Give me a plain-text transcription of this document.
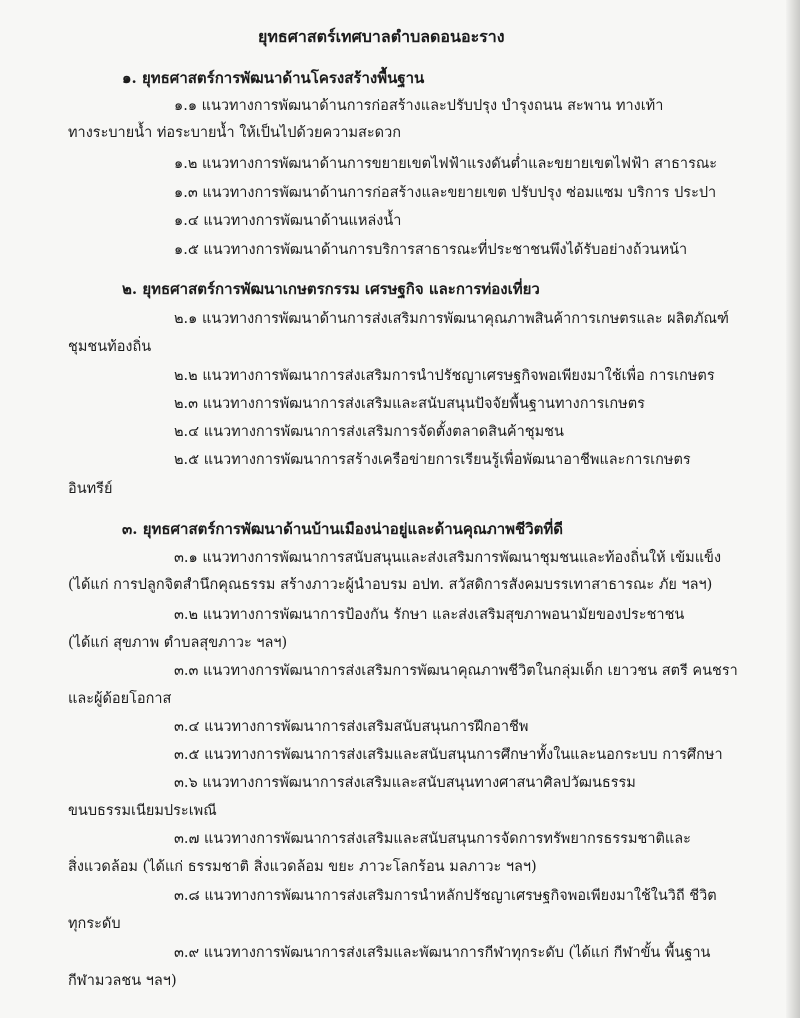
ยุทธศาสตร์เทศบาลตำบลดอนอะราง
๑. ยุทธศาสตร์การพัฒนาด้านโครงสร้างพื้นฐาน
๑.๑ แนวทางการพัฒนาด้านการก่อสร้างและปรับปรุง บำรุงถนน สะพาน ทางเท้า
ทางระบายน้ำ ท่อระบายน้ำ ให้เป็นไปด้วยความสะดวก
๑.๒ แนวทางการพัฒนาด้านการขยายเขตไฟฟ้าแรงดันต่ำและขยายเขตไฟฟ้า สาธารณะ
๑.๓ แนวทางการพัฒนาด้านการก่อสร้างและขยายเขต ปรับปรุง ซ่อมแซม บริการ ประปา
๑.๔ แนวทางการพัฒนาด้านแหล่งน้ำ
๑.๕ แนวทางการพัฒนาด้านการบริการสาธารณะที่ประชาชนพึงได้รับอย่างถ้วนหน้า
๒. ยุทธศาสตร์การพัฒนาเกษตรกรรม เศรษฐกิจ และการท่องเที่ยว
๒.๑ แนวทางการพัฒนาด้านการส่งเสริมการพัฒนาคุณภาพสินค้าการเกษตรและ ผลิตภัณฑ์
ชุมชนท้องถิ่น
๒.๒ แนวทางการพัฒนาการส่งเสริมการนำปรัชญาเศรษฐกิจพอเพียงมาใช้เพื่อ การเกษตร
๒.๓ แนวทางการพัฒนาการส่งเสริมและสนับสนุนปัจจัยพื้นฐานทางการเกษตร
๒.๔ แนวทางการพัฒนาการส่งเสริมการจัดตั้งตลาดสินค้าชุมชน
๒.๕ แนวทางการพัฒนาการสร้างเครือข่ายการเรียนรู้เพื่อพัฒนาอาชีพและการเกษตร
อินทรีย์
๓. ยุทธศาสตร์การพัฒนาด้านบ้านเมืองน่าอยู่และด้านคุณภาพชีวิตที่ดี
๓.๑ แนวทางการพัฒนาการสนับสนุนและส่งเสริมการพัฒนาชุมชนและท้องถิ่นให้ เข้มแข็ง
(ได้แก่ การปลูกจิตสำนึกคุณธรรม สร้างภาวะผู้นำอบรม อปท. สวัสดิการสังคมบรรเทาสาธารณะ ภัย ฯลฯ)
๓.๒ แนวทางการพัฒนาการป้องกัน รักษา และส่งเสริมสุขภาพอนามัยของประชาชน
(ได้แก่ สุขภาพ ตำบลสุขภาวะ ฯลฯ)
๓.๓ แนวทางการพัฒนาการส่งเสริมการพัฒนาคุณภาพชีวิตในกลุ่มเด็ก เยาวชน สตรี คนชรา
และผู้ด้อยโอกาส
๓.๔ แนวทางการพัฒนาการส่งเสริมสนับสนุนการฝึกอาชีพ
๓.๕ แนวทางการพัฒนาการส่งเสริมและสนับสนุนการศึกษาทั้งในและนอกระบบ การศึกษา
๓.๖ แนวทางการพัฒนาการส่งเสริมและสนับสนุนทางศาสนาศิลปวัฒนธรรม
ขนบธรรมเนียมประเพณี
๓.๗ แนวทางการพัฒนาการส่งเสริมและสนับสนุนการจัดการทรัพยากรธรรมชาติและ
สิ่งแวดล้อม (ได้แก่ ธรรมชาติ สิ่งแวดล้อม ขยะ ภาวะโลกร้อน มลภาวะ ฯลฯ)
๓.๘ แนวทางการพัฒนาการส่งเสริมการนำหลักปรัชญาเศรษฐกิจพอเพียงมาใช้ในวิถี ชีวิต
ทุกระดับ
๓.๙ แนวทางการพัฒนาการส่งเสริมและพัฒนาการกีฬาทุกระดับ (ได้แก่ กีฬาขั้น พื้นฐาน
กีฬามวลชน ฯลฯ)
